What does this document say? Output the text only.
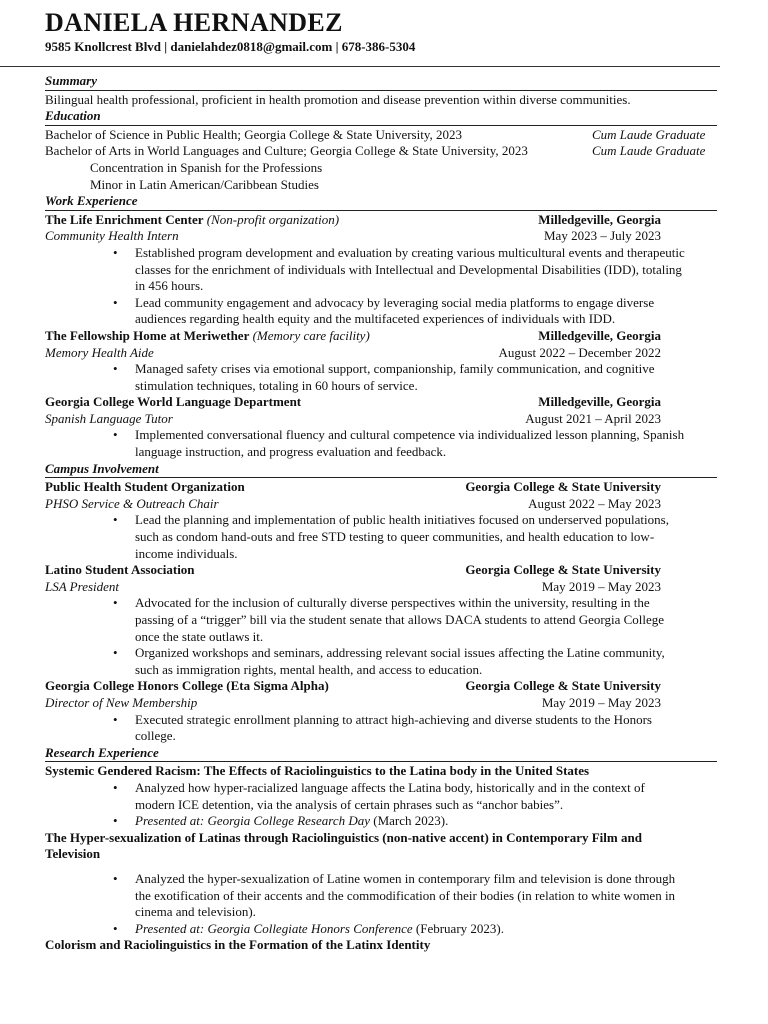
DANIELA HERNANDEZ
9585 Knollcrest Blvd | danielahdez0818@gmail.com | 678-386-5304
Summary
Bilingual health professional, proficient in health promotion and disease prevention within diverse communities.
Education
Bachelor of Science in Public Health; Georgia College & State University, 2023	Cum Laude Graduate
Bachelor of Arts in World Languages and Culture; Georgia College & State University, 2023	Cum Laude Graduate
Concentration in Spanish for the Professions
Minor in Latin American/Caribbean Studies
Work Experience
The Life Enrichment Center (Non-profit organization)	Milledgeville, Georgia
Community Health Intern	May 2023 – July 2023
• Established program development and evaluation by creating various multicultural events and therapeutic
classes for the enrichment of individuals with Intellectual and Developmental Disabilities (IDD), totaling
in 456 hours.
• Lead community engagement and advocacy by leveraging social media platforms to engage diverse
audiences regarding health equity and the multifaceted experiences of individuals with IDD.
The Fellowship Home at Meriwether (Memory care facility)	Milledgeville, Georgia
Memory Health Aide	August 2022 – December 2022
• Managed safety crises via emotional support, companionship, family communication, and cognitive
stimulation techniques, totaling in 60 hours of service.
Georgia College World Language Department	Milledgeville, Georgia
Spanish Language Tutor	August 2021 – April 2023
• Implemented conversational fluency and cultural competence via individualized lesson planning, Spanish
language instruction, and progress evaluation and feedback.
Campus Involvement
Public Health Student Organization	Georgia College & State University
PHSO Service & Outreach Chair	August 2022 – May 2023
• Lead the planning and implementation of public health initiatives focused on underserved populations,
such as condom hand-outs and free STD testing to queer communities, and health education to low-
income individuals.
Latino Student Association	Georgia College & State University
LSA President	May 2019 – May 2023
• Advocated for the inclusion of culturally diverse perspectives within the university, resulting in the
passing of a “trigger” bill via the student senate that allows DACA students to attend Georgia College
once the state outlaws it.
• Organized workshops and seminars, addressing relevant social issues affecting the Latine community,
such as immigration rights, mental health, and access to education.
Georgia College Honors College (Eta Sigma Alpha)	Georgia College & State University
Director of New Membership	May 2019 – May 2023
• Executed strategic enrollment planning to attract high-achieving and diverse students to the Honors
college.
Research Experience
Systemic Gendered Racism: The Effects of Raciolinguistics to the Latina body in the United States
• Analyzed how hyper-racialized language affects the Latina body, historically and in the context of
modern ICE detention, via the analysis of certain phrases such as “anchor babies”.
• Presented at: Georgia College Research Day (March 2023).
The Hyper-sexualization of Latinas through Raciolinguistics (non-native accent) in Contemporary Film and
Television
• Analyzed the hyper-sexualization of Latine women in contemporary film and television is done through
the exotification of their accents and the commodification of their bodies (in relation to white women in
cinema and television).
• Presented at: Georgia Collegiate Honors Conference (February 2023).
Colorism and Raciolinguistics in the Formation of the Latinx Identity
